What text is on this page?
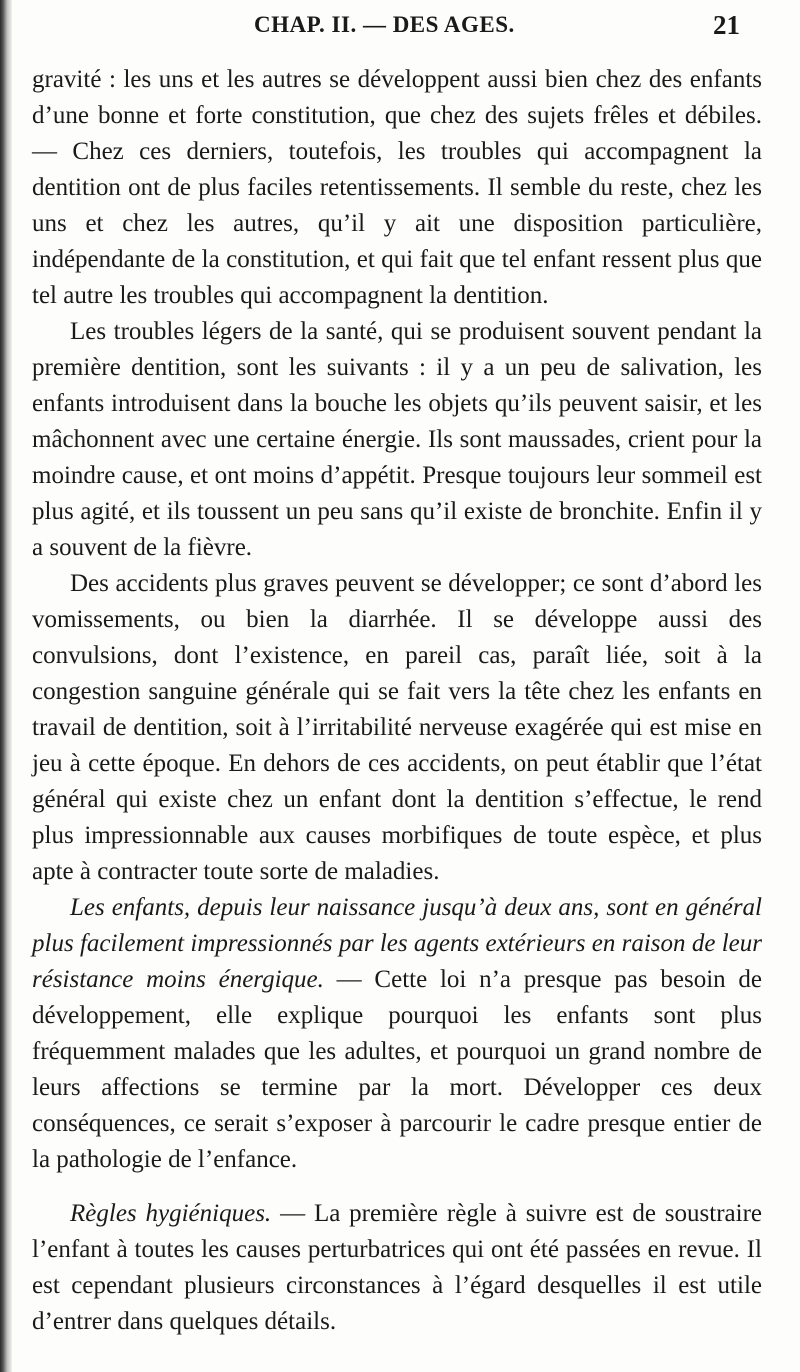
CHAP. II. — DES AGES.	21

gravité : les uns et les autres se développent aussi bien chez des enfants d’une bonne et forte constitution, que chez des sujets frêles et débiles. — Chez ces derniers, toutefois, les troubles qui accompagnent la dentition ont de plus faciles retentissements. Il semble du reste, chez les uns et chez les autres, qu’il y ait une disposition particulière, indépendante de la constitution, et qui fait que tel enfant ressent plus que tel autre les troubles qui accompagnent la dentition.

Les troubles légers de la santé, qui se produisent souvent pendant la première dentition, sont les suivants : il y a un peu de salivation, les enfants introduisent dans la bouche les objets qu’ils peuvent saisir, et les mâchonnent avec une certaine énergie. Ils sont maussades, crient pour la moindre cause, et ont moins d’appétit. Presque toujours leur sommeil est plus agité, et ils toussent un peu sans qu’il existe de bronchite. Enfin il y a souvent de la fièvre.

Des accidents plus graves peuvent se développer; ce sont d’abord les vomissements, ou bien la diarrhée. Il se développe aussi des convulsions, dont l’existence, en pareil cas, paraît liée, soit à la congestion sanguine générale qui se fait vers la tête chez les enfants en travail de dentition, soit à l’irritabilité nerveuse exagérée qui est mise en jeu à cette époque. En dehors de ces accidents, on peut établir que l’état général qui existe chez un enfant dont la dentition s’effectue, le rend plus impressionnable aux causes morbifiques de toute espèce, et plus apte à contracter toute sorte de maladies.

Les enfants, depuis leur naissance jusqu’à deux ans, sont en général plus facilement impressionnés par les agents extérieurs en raison de leur résistance moins énergique. — Cette loi n’a presque pas besoin de développement, elle explique pourquoi les enfants sont plus fréquemment malades que les adultes, et pourquoi un grand nombre de leurs affections se termine par la mort. Développer ces deux conséquences, ce serait s’exposer à parcourir le cadre presque entier de la pathologie de l’enfance.

Règles hygiéniques. — La première règle à suivre est de soustraire l’enfant à toutes les causes perturbatrices qui ont été passées en revue. Il est cependant plusieurs circonstances à l’égard desquelles il est utile d’entrer dans quelques détails.
